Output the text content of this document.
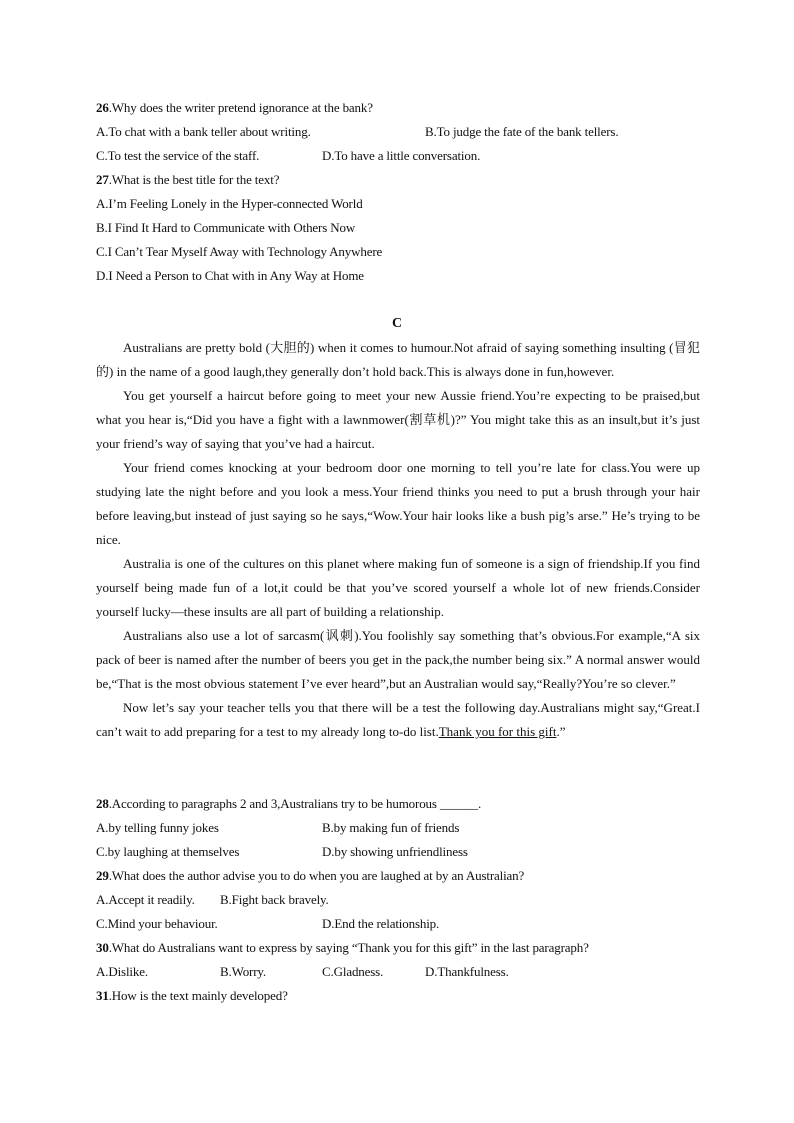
26.Why does the writer pretend ignorance at the bank?
A.To chat with a bank teller about writing.	B.To judge the fate of the bank tellers.
C.To test the service of the staff.	D.To have a little conversation.
27.What is the best title for the text?
A.I’m Feeling Lonely in the Hyper-connected World
B.I Find It Hard to Communicate with Others Now
C.I Can’t Tear Myself Away with Technology Anywhere
D.I Need a Person to Chat with in Any Way at Home
C

Australians are pretty bold (大胆的) when it comes to humour.Not afraid of saying something insulting (冒犯的) in the name of a good laugh,they generally don’t hold back.This is always done in fun,however.

You get yourself a haircut before going to meet your new Aussie friend.You’re expecting to be praised,but what you hear is,“Did you have a fight with a lawnmower(割草机)?” You might take this as an insult,but it’s just your friend’s way of saying that you’ve had a haircut.

Your friend comes knocking at your bedroom door one morning to tell you’re late for class.You were up studying late the night before and you look a mess.Your friend thinks you need to put a brush through your hair before leaving,but instead of just saying so he says,“Wow.Your hair looks like a bush pig’s arse.” He’s trying to be nice.

Australia is one of the cultures on this planet where making fun of someone is a sign of friendship.If you find yourself being made fun of a lot,it could be that you’ve scored yourself a whole lot of new friends.Consider yourself lucky—these insults are all part of building a relationship.

Australians also use a lot of sarcasm(讽刺).You foolishly say something that’s obvious.For example,“A six pack of beer is named after the number of beers you get in the pack,the number being six.” A normal answer would be,“That is the most obvious statement I’ve ever heard”,but an Australian would say,“Really?You’re so clever.”

Now let’s say your teacher tells you that there will be a test the following day.Australians might say,“Great.I can’t wait to add preparing for a test to my already long to-do list.Thank you for this gift.”

28.According to paragraphs 2 and 3,Australians try to be humorous ______.
A.by telling funny jokes	B.by making fun of friends
C.by laughing at themselves	D.by showing unfriendliness
29.What does the author advise you to do when you are laughed at by an Australian?
A.Accept it readily. B.Fight back bravely.
C.Mind your behaviour.	D.End the relationship.
30.What do Australians want to express by saying “Thank you for this gift” in the last paragraph?
A.Dislike.	B.Worry.	C.Gladness.	D.Thankfulness.
31.How is the text mainly developed?
